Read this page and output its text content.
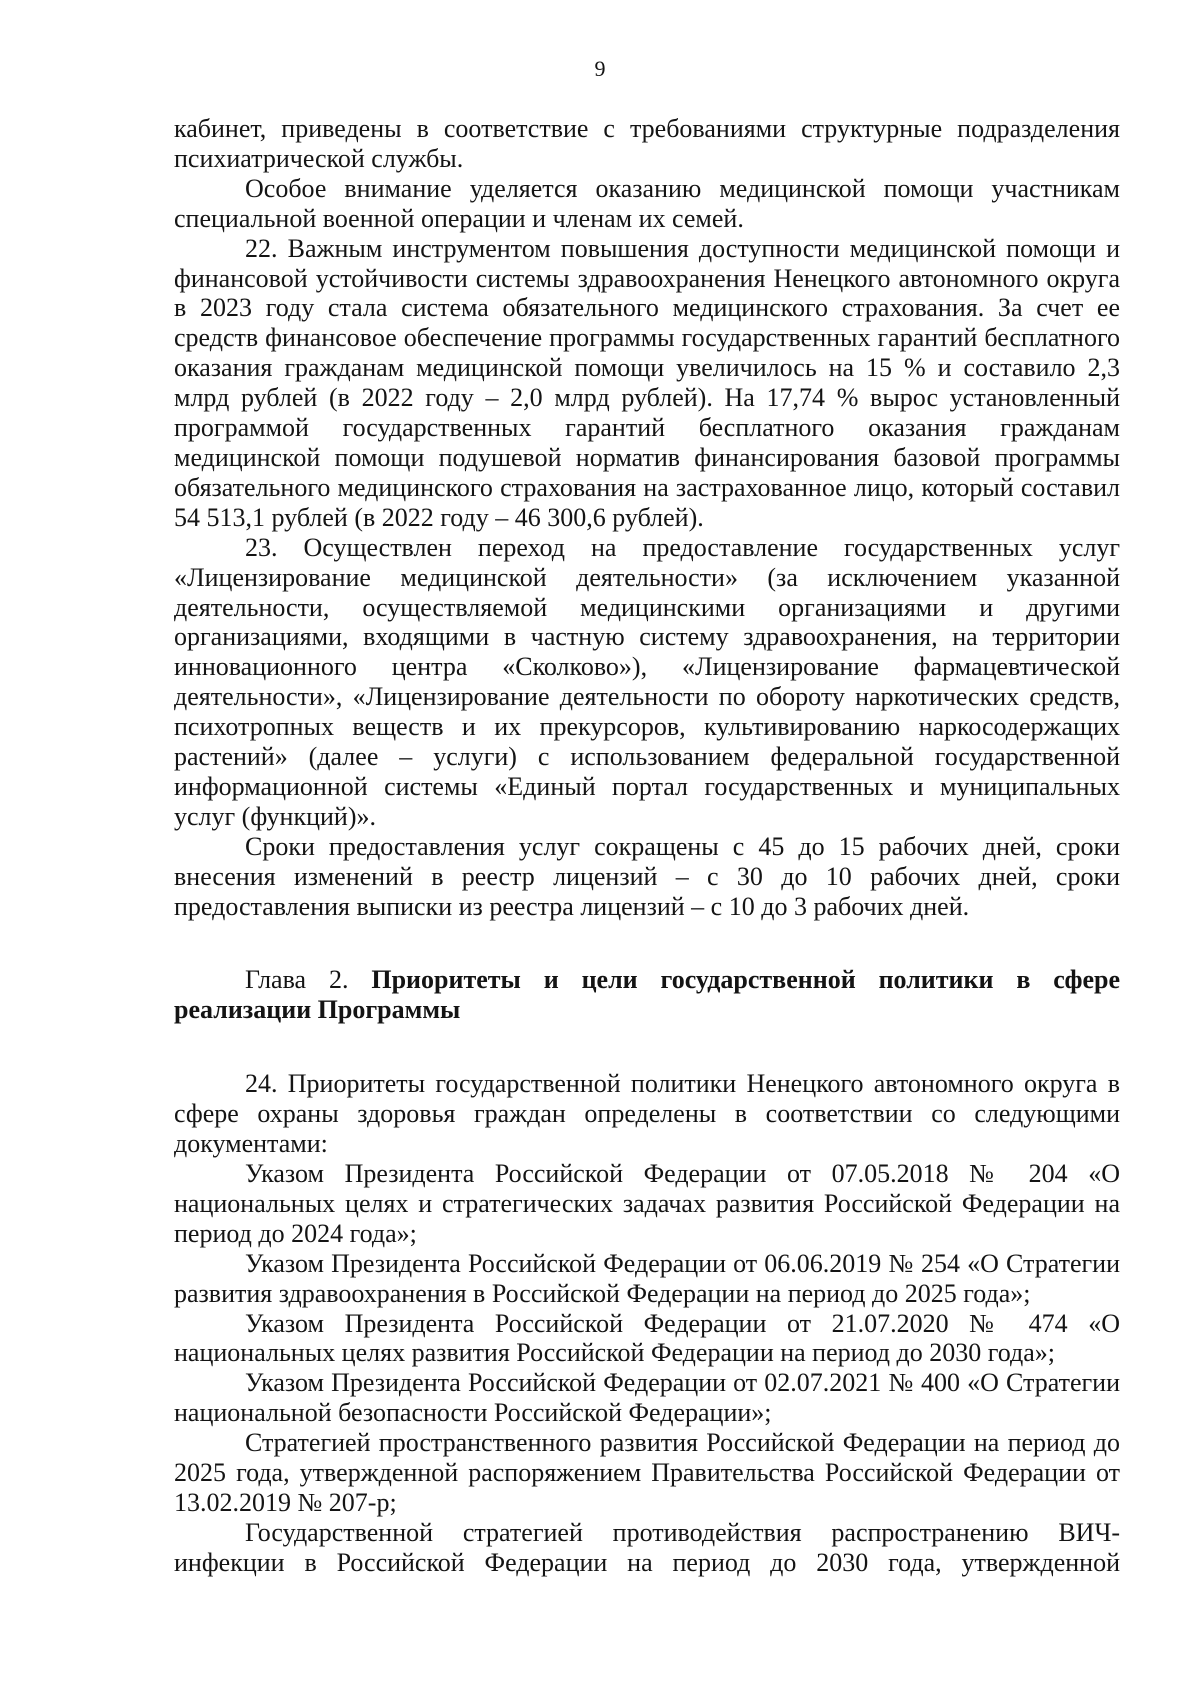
9

кабинет, приведены в соответствие с требованиями структурные подразделения психиатрической службы.

Особое внимание уделяется оказанию медицинской помощи участникам специальной военной операции и членам их семей.

22. Важным инструментом повышения доступности медицинской помощи и финансовой устойчивости системы здравоохранения Ненецкого автономного округа в 2023 году стала система обязательного медицинского страхования. За счет ее средств финансовое обеспечение программы государственных гарантий бесплатного оказания гражданам медицинской помощи увеличилось на 15 % и составило 2,3 млрд рублей (в 2022 году – 2,0 млрд рублей). На 17,74 % вырос установленный программой государственных гарантий бесплатного оказания гражданам медицинской помощи подушевой норматив финансирования базовой программы обязательного медицинского страхования на застрахованное лицо, который составил 54 513,1 рублей (в 2022 году – 46 300,6 рублей).

23. Осуществлен переход на предоставление государственных услуг «Лицензирование медицинской деятельности» (за исключением указанной деятельности, осуществляемой медицинскими организациями и другими организациями, входящими в частную систему здравоохранения, на территории инновационного центра «Сколково»), «Лицензирование фармацевтической деятельности», «Лицензирование деятельности по обороту наркотических средств, психотропных веществ и их прекурсоров, культивированию наркосодержащих растений» (далее – услуги) с использованием федеральной государственной информационной системы «Единый портал государственных и муниципальных услуг (функций)».

Сроки предоставления услуг сокращены с 45 до 15 рабочих дней, сроки внесения изменений в реестр лицензий – с 30 до 10 рабочих дней, сроки предоставления выписки из реестра лицензий – с 10 до 3 рабочих дней.

Глава 2. Приоритеты и цели государственной политики в сфере реализации Программы

24. Приоритеты государственной политики Ненецкого автономного округа в сфере охраны здоровья граждан определены в соответствии со следующими документами:

Указом Президента Российской Федерации от 07.05.2018 № 204 «О национальных целях и стратегических задачах развития Российской Федерации на период до 2024 года»;

Указом Президента Российской Федерации от 06.06.2019 № 254 «О Стратегии развития здравоохранения в Российской Федерации на период до 2025 года»;

Указом Президента Российской Федерации от 21.07.2020 № 474 «О национальных целях развития Российской Федерации на период до 2030 года»;

Указом Президента Российской Федерации от 02.07.2021 № 400 «О Стратегии национальной безопасности Российской Федерации»;

Стратегией пространственного развития Российской Федерации на период до 2025 года, утвержденной распоряжением Правительства Российской Федерации от 13.02.2019 № 207-р;

Государственной стратегией противодействия распространению ВИЧ-инфекции в Российской Федерации на период до 2030 года, утвержденной
